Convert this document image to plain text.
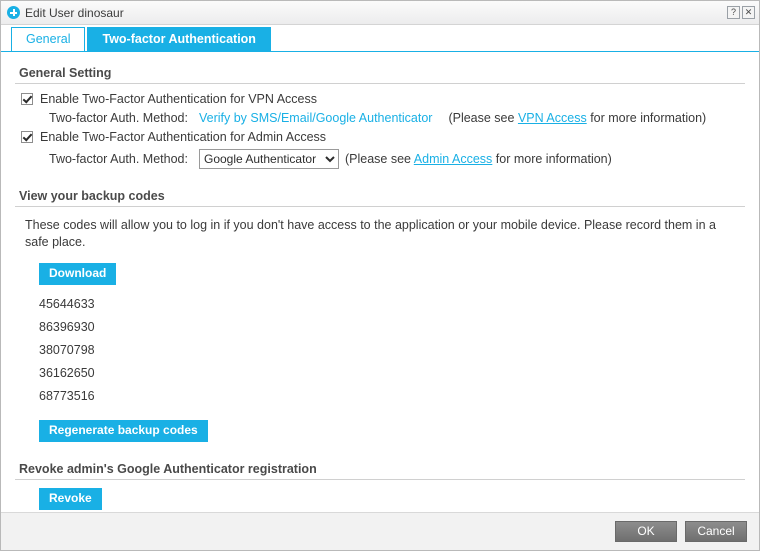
Edit User dinosaur	? ✕
General	Two-factor Authentication
General Setting
Enable Two-Factor Authentication for VPN Access
Two-factor Auth. Method: Verify by SMS/Email/Google Authenticator (Please see VPN Access for more information)
Enable Two-Factor Authentication for Admin Access
Two-factor Auth. Method:
Google Authenticator	(Please see Admin Access for more information)
View your backup codes
These codes will allow you to log in if you don't have access to the application or your mobile device. Please record them in a safe place.
Download
45644633
86396930
38070798
36162650
68773516
Regenerate backup codes
Revoke admin's Google Authenticator registration
Revoke
OK	Cancel
